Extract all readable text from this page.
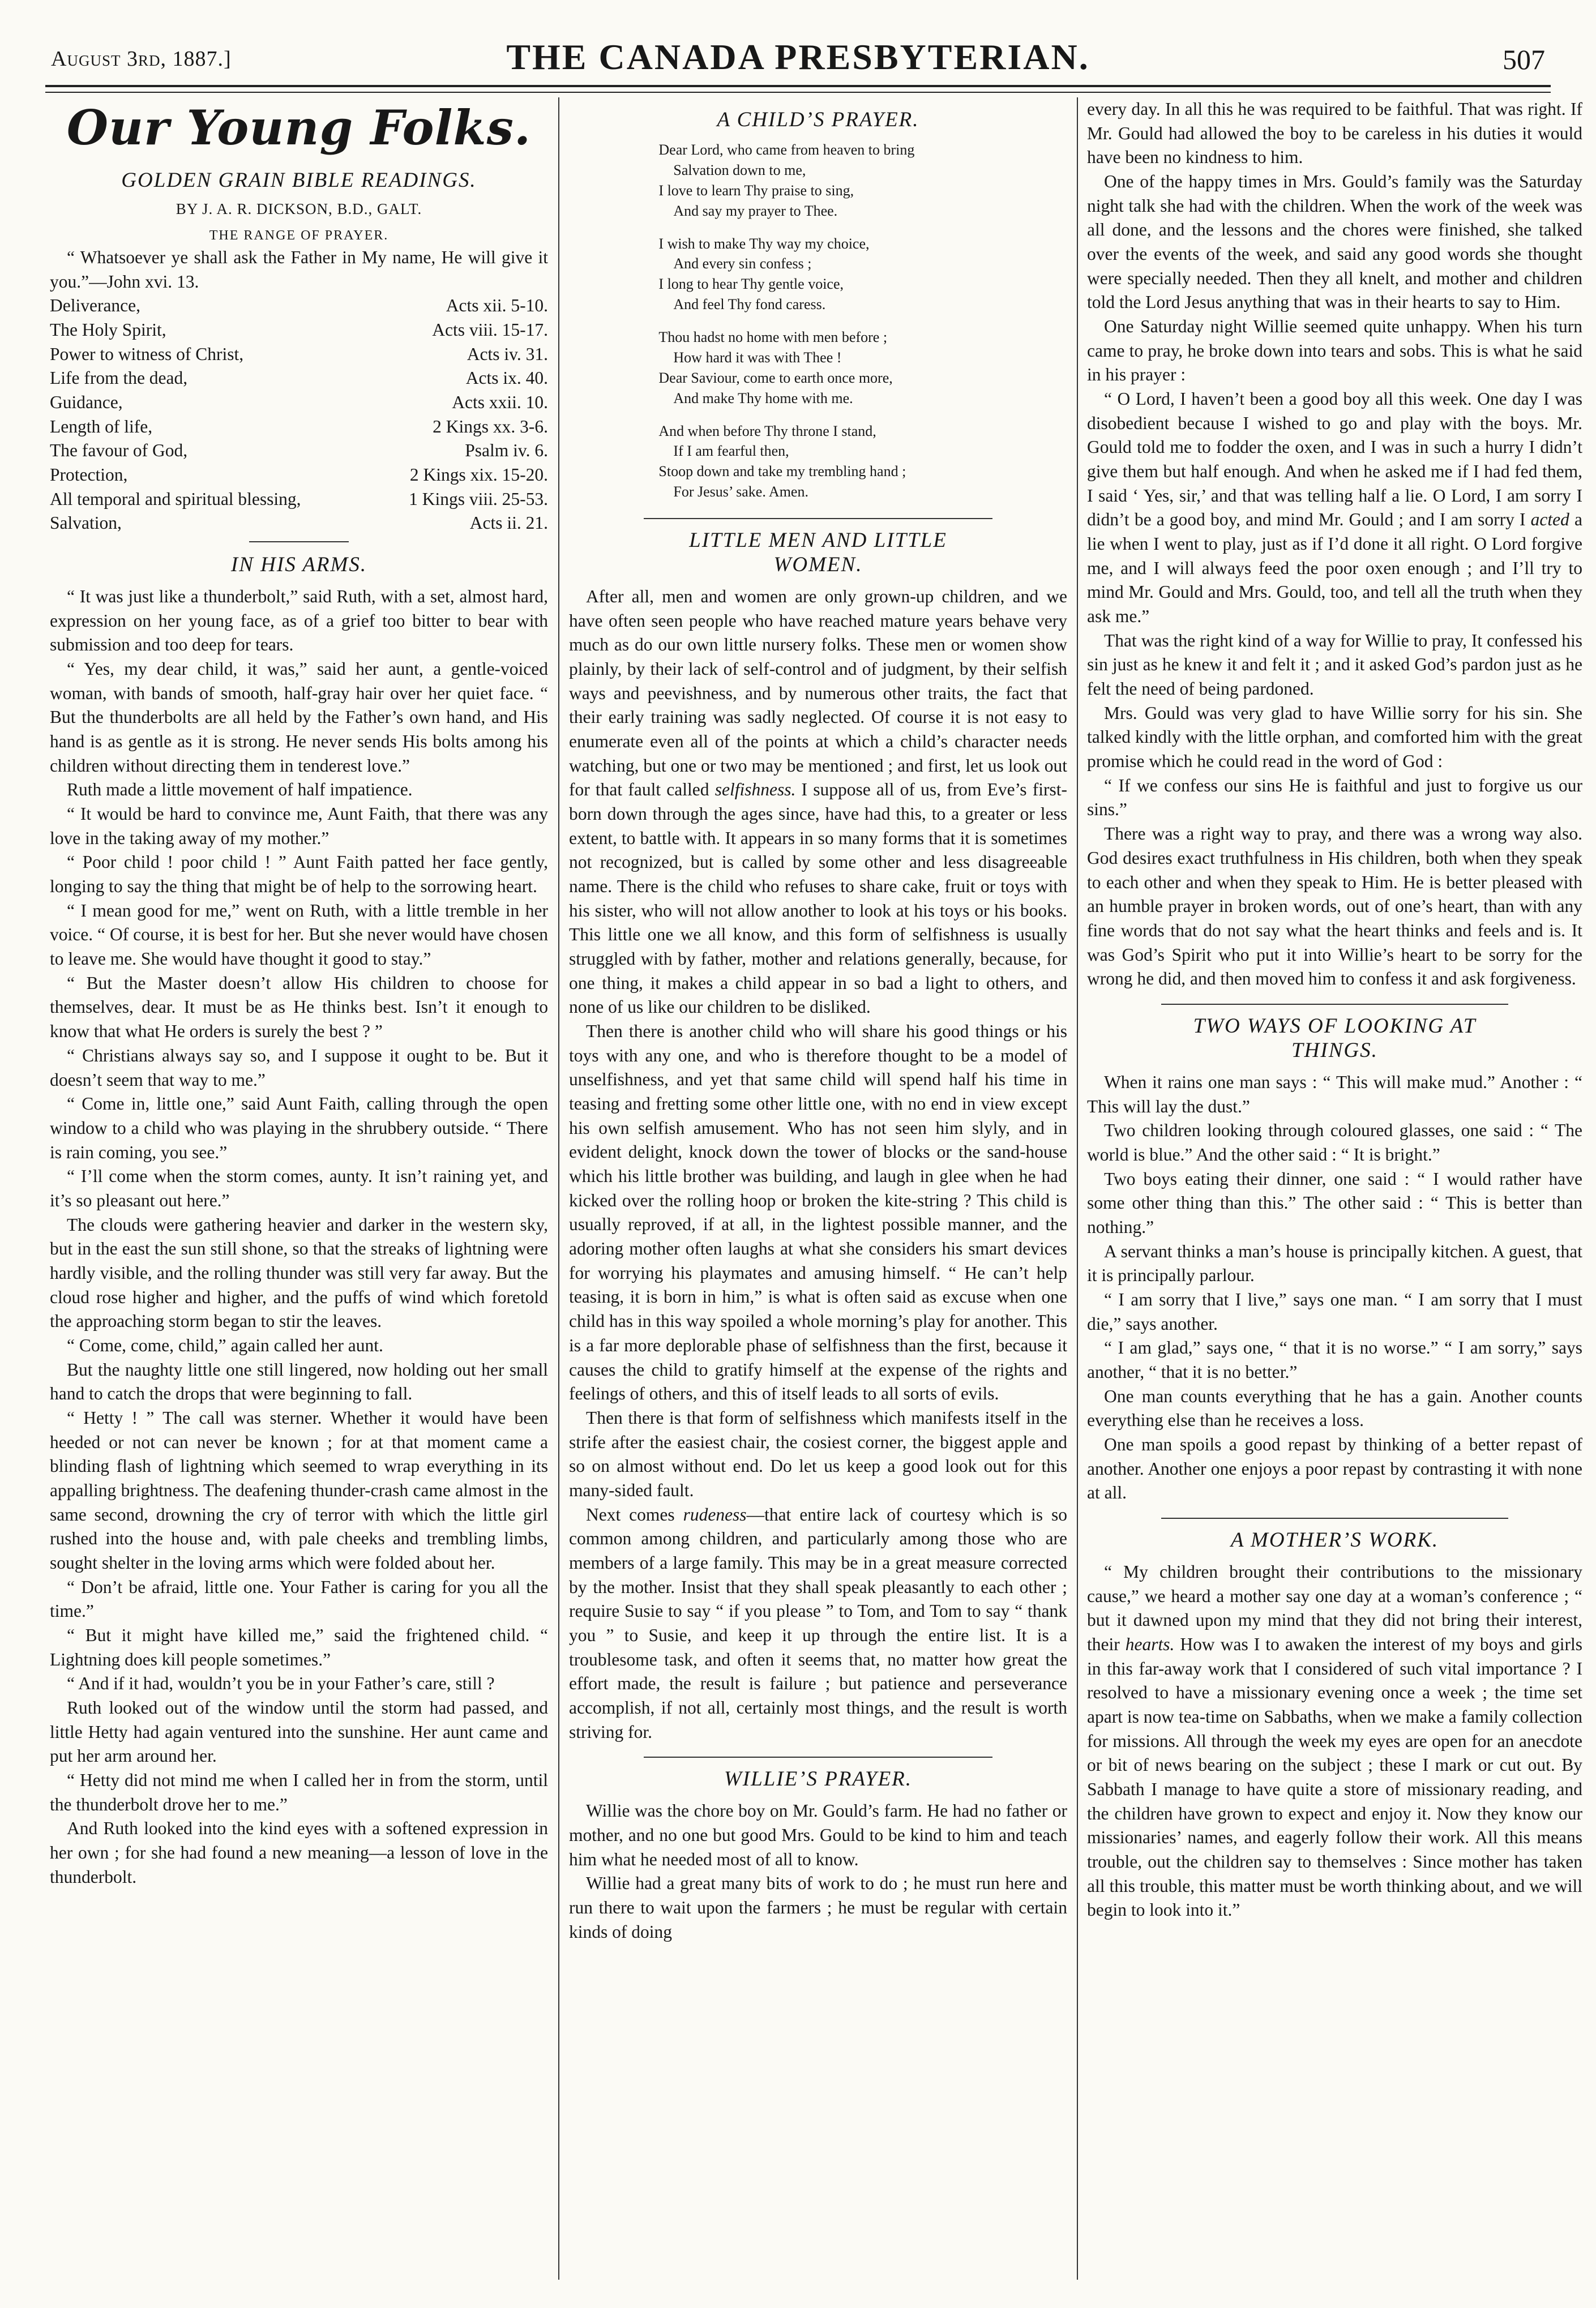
August 3rd, 1887.]	THE CANADA PRESBYTERIAN.	507
Our Young Folks.
GOLDEN GRAIN BIBLE READINGS.
BY J. A. R. DICKSON, B.D., GALT.
THE RANGE OF PRAYER.

“ Whatsoever ye shall ask the Father in My name, He will give it you.”—John xvi. 13.

Deliverance,	Acts xii. 5-10.
The Holy Spirit,	Acts viii. 15-17.
Power to witness of Christ,	Acts iv. 31.
Life from the dead,	Acts ix. 40.
Guidance,	Acts xxii. 10.
Length of life,	2 Kings xx. 3-6.
The favour of God,	Psalm iv. 6.
Protection,	2 Kings xix. 15-20.
All temporal and spiritual blessing,	1 Kings viii. 25-53.
Salvation,	Acts ii. 21.
IN HIS ARMS.

“ It was just like a thunderbolt,” said Ruth, with a set, almost hard, expression on her young face, as of a grief too bitter to bear with submission and too deep for tears.

“ Yes, my dear child, it was,” said her aunt, a gentle-voiced woman, with bands of smooth, half-gray hair over her quiet face. “ But the thunderbolts are all held by the Father’s own hand, and His hand is as gentle as it is strong. He never sends His bolts among his children without directing them in tenderest love.”

Ruth made a little movement of half impatience.

“ It would be hard to convince me, Aunt Faith, that there was any love in the taking away of my mother.”

“ Poor child ! poor child ! ” Aunt Faith patted her face gently, longing to say the thing that might be of help to the sorrowing heart.

“ I mean good for me,” went on Ruth, with a little tremble in her voice. “ Of course, it is best for her. But she never would have chosen to leave me. She would have thought it good to stay.”

“ But the Master doesn’t allow His children to choose for themselves, dear. It must be as He thinks best. Isn’t it enough to know that what He orders is surely the best ? ”

“ Christians always say so, and I suppose it ought to be. But it doesn’t seem that way to me.”

“ Come in, little one,” said Aunt Faith, calling through the open window to a child who was playing in the shrubbery outside. “ There is rain coming, you see.”

“ I’ll come when the storm comes, aunty. It isn’t raining yet, and it’s so pleasant out here.”

The clouds were gathering heavier and darker in the western sky, but in the east the sun still shone, so that the streaks of lightning were hardly visible, and the rolling thunder was still very far away. But the cloud rose higher and higher, and the puffs of wind which foretold the approaching storm began to stir the leaves.

“ Come, come, child,” again called her aunt.

But the naughty little one still lingered, now holding out her small hand to catch the drops that were beginning to fall.

“ Hetty ! ” The call was sterner. Whether it would have been heeded or not can never be known ; for at that moment came a blinding flash of lightning which seemed to wrap everything in its appalling brightness. The deafening thunder-crash came almost in the same second, drowning the cry of terror with which the little girl rushed into the house and, with pale cheeks and trembling limbs, sought shelter in the loving arms which were folded about her.

“ Don’t be afraid, little one. Your Father is caring for you all the time.”

“ But it might have killed me,” said the frightened child. “ Lightning does kill people sometimes.”

“ And if it had, wouldn’t you be in your Father’s care, still ?

Ruth looked out of the window until the storm had passed, and little Hetty had again ventured into the sunshine. Her aunt came and put her arm around her.

“ Hetty did not mind me when I called her in from the storm, until the thunderbolt drove her to me.”

And Ruth looked into the kind eyes with a softened expression in her own ; for she had found a new meaning—a lesson of love in the thunderbolt.

A CHILD’S PRAYER.
Dear Lord, who came from heaven to bring
Salvation down to me,
I love to learn Thy praise to sing,
And say my prayer to Thee.
I wish to make Thy way my choice,
And every sin confess ;
I long to hear Thy gentle voice,
And feel Thy fond caress.
Thou hadst no home with men before ;
How hard it was with Thee !
Dear Saviour, come to earth once more,
And make Thy home with me.
And when before Thy throne I stand,
If I am fearful then,
Stoop down and take my trembling hand ;
For Jesus’ sake. Amen.
LITTLE MEN AND LITTLE WOMEN.

After all, men and women are only grown-up children, and we have often seen people who have reached mature years behave very much as do our own little nursery folks. These men or women show plainly, by their lack of self-control and of judgment, by their selfish ways and peevishness, and by numerous other traits, the fact that their early training was sadly neglected. Of course it is not easy to enumerate even all of the points at which a child’s character needs watching, but one or two may be mentioned ; and first, let us look out for that fault called selfishness. I suppose all of us, from Eve’s first-born down through the ages since, have had this, to a greater or less extent, to battle with. It appears in so many forms that it is sometimes not recognized, but is called by some other and less disagreeable name. There is the child who refuses to share cake, fruit or toys with his sister, who will not allow another to look at his toys or his books. This little one we all know, and this form of selfishness is usually struggled with by father, mother and relations generally, because, for one thing, it makes a child appear in so bad a light to others, and none of us like our children to be disliked.

Then there is another child who will share his good things or his toys with any one, and who is therefore thought to be a model of unselfishness, and yet that same child will spend half his time in teasing and fretting some other little one, with no end in view except his own selfish amusement. Who has not seen him slyly, and in evident delight, knock down the tower of blocks or the sand-house which his little brother was building, and laugh in glee when he had kicked over the rolling hoop or broken the kite-string ? This child is usually reproved, if at all, in the lightest possible manner, and the adoring mother often laughs at what she considers his smart devices for worrying his playmates and amusing himself. “ He can’t help teasing, it is born in him,” is what is often said as excuse when one child has in this way spoiled a whole morning’s play for another. This is a far more deplorable phase of selfishness than the first, because it causes the child to gratify himself at the expense of the rights and feelings of others, and this of itself leads to all sorts of evils.

Then there is that form of selfishness which manifests itself in the strife after the easiest chair, the cosiest corner, the biggest apple and so on almost without end. Do let us keep a good look out for this many-sided fault.

Next comes rudeness—that entire lack of courtesy which is so common among children, and particularly among those who are members of a large family. This may be in a great measure corrected by the mother. Insist that they shall speak pleasantly to each other ; require Susie to say “ if you please ” to Tom, and Tom to say “ thank you ” to Susie, and keep it up through the entire list. It is a troublesome task, and often it seems that, no matter how great the effort made, the result is failure ; but patience and perseverance accomplish, if not all, certainly most things, and the result is worth striving for.

WILLIE’S PRAYER.

Willie was the chore boy on Mr. Gould’s farm. He had no father or mother, and no one but good Mrs. Gould to be kind to him and teach him what he needed most of all to know.

Willie had a great many bits of work to do ; he must run here and run there to wait upon the farmers ; he must be regular with certain kinds of doing

every day. In all this he was required to be faithful. That was right. If Mr. Gould had allowed the boy to be careless in his duties it would have been no kindness to him.

One of the happy times in Mrs. Gould’s family was the Saturday night talk she had with the children. When the work of the week was all done, and the lessons and the chores were finished, she talked over the events of the week, and said any good words she thought were specially needed. Then they all knelt, and mother and children told the Lord Jesus anything that was in their hearts to say to Him.

One Saturday night Willie seemed quite unhappy. When his turn came to pray, he broke down into tears and sobs. This is what he said in his prayer :

“ O Lord, I haven’t been a good boy all this week. One day I was disobedient because I wished to go and play with the boys. Mr. Gould told me to fodder the oxen, and I was in such a hurry I didn’t give them but half enough. And when he asked me if I had fed them, I said ‘ Yes, sir,’ and that was telling half a lie. O Lord, I am sorry I didn’t be a good boy, and mind Mr. Gould ; and I am sorry I acted a lie when I went to play, just as if I’d done it all right. O Lord forgive me, and I will always feed the poor oxen enough ; and I’ll try to mind Mr. Gould and Mrs. Gould, too, and tell all the truth when they ask me.”

That was the right kind of a way for Willie to pray, It confessed his sin just as he knew it and felt it ; and it asked God’s pardon just as he felt the need of being pardoned.

Mrs. Gould was very glad to have Willie sorry for his sin. She talked kindly with the little orphan, and comforted him with the great promise which he could read in the word of God :

“ If we confess our sins He is faithful and just to forgive us our sins.”

There was a right way to pray, and there was a wrong way also. God desires exact truthfulness in His children, both when they speak to each other and when they speak to Him. He is better pleased with an humble prayer in broken words, out of one’s heart, than with any fine words that do not say what the heart thinks and feels and is. It was God’s Spirit who put it into Willie’s heart to be sorry for the wrong he did, and then moved him to confess it and ask forgiveness.

TWO WAYS OF LOOKING AT THINGS.

When it rains one man says : “ This will make mud.” Another : “ This will lay the dust.”

Two children looking through coloured glasses, one said : “ The world is blue.” And the other said : “ It is bright.”

Two boys eating their dinner, one said : “ I would rather have some other thing than this.” The other said : “ This is better than nothing.”

A servant thinks a man’s house is principally kitchen. A guest, that it is principally parlour.

“ I am sorry that I live,” says one man. “ I am sorry that I must die,” says another.

“ I am glad,” says one, “ that it is no worse.” “ I am sorry,” says another, “ that it is no better.”

One man counts everything that he has a gain. Another counts everything else than he receives a loss.

One man spoils a good repast by thinking of a better repast of another. Another one enjoys a poor repast by contrasting it with none at all.

A MOTHER’S WORK.

“ My children brought their contributions to the missionary cause,” we heard a mother say one day at a woman’s conference ; “ but it dawned upon my mind that they did not bring their interest, their hearts. How was I to awaken the interest of my boys and girls in this far-away work that I considered of such vital importance ? I resolved to have a missionary evening once a week ; the time set apart is now tea-time on Sabbaths, when we make a family collection for missions. All through the week my eyes are open for an anecdote or bit of news bearing on the subject ; these I mark or cut out. By Sabbath I manage to have quite a store of missionary reading, and the children have grown to expect and enjoy it. Now they know our missionaries’ names, and eagerly follow their work. All this means trouble, out the children say to themselves : Since mother has taken all this trouble, this matter must be worth thinking about, and we will begin to look into it.”
